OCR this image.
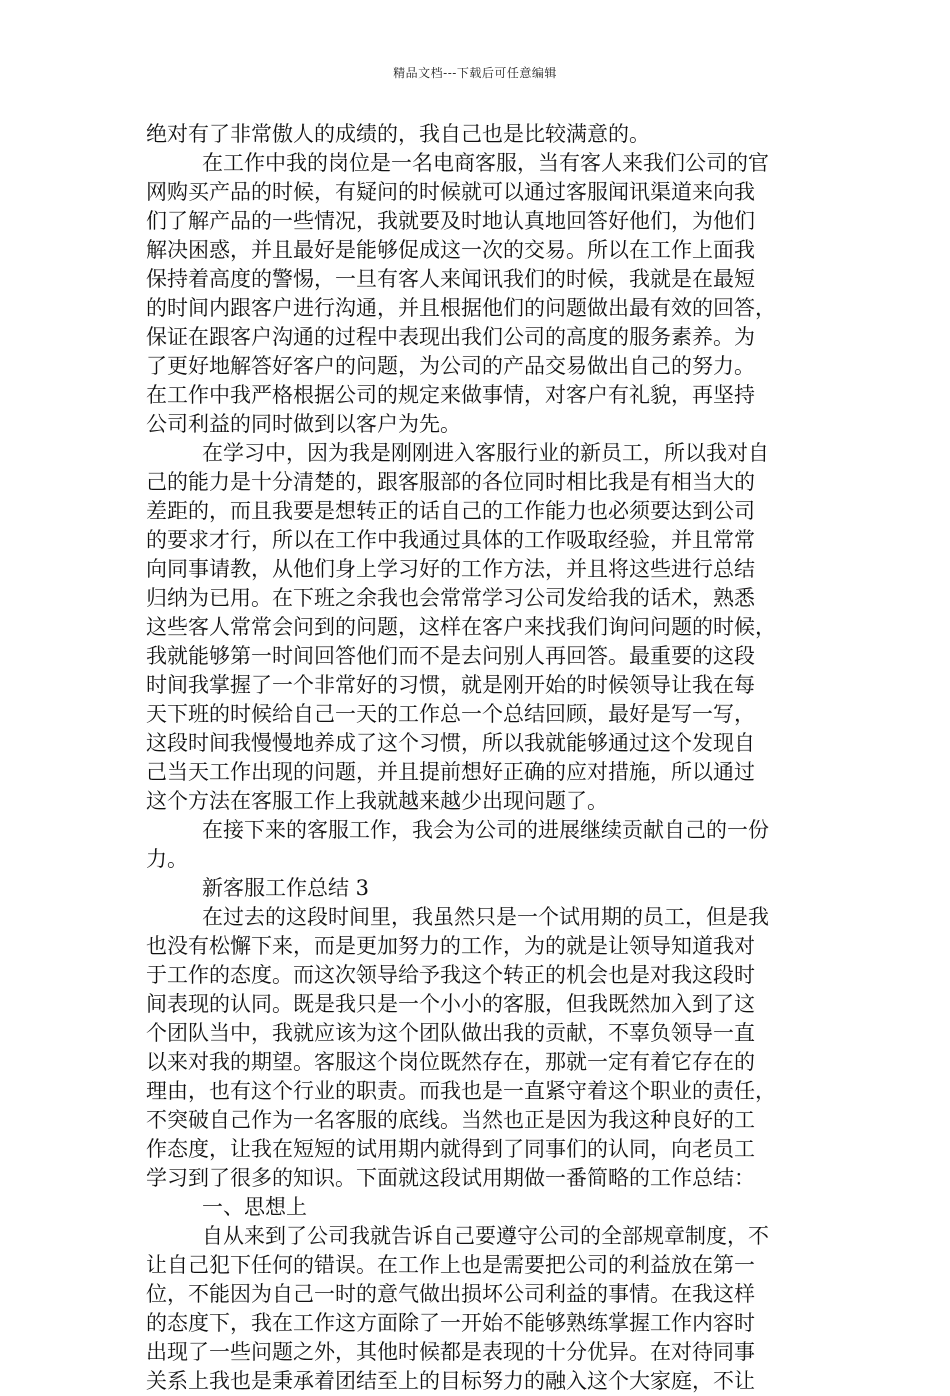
精品文档---下载后可任意编辑
绝对有了非常傲人的成绩的，我自己也是比较满意的。
在工作中我的岗位是一名电商客服，当有客人来我们公司的官
网购买产品的时候，有疑问的时候就可以通过客服闻讯渠道来向我
们了解产品的一些情况，我就要及时地认真地回答好他们，为他们
解决困惑，并且最好是能够促成这一次的交易。所以在工作上面我
保持着高度的警惕，一旦有客人来闻讯我们的时候，我就是在最短
的时间内跟客户进行沟通，并且根据他们的问题做出最有效的回答，
保证在跟客户沟通的过程中表现出我们公司的高度的服务素养。为
了更好地解答好客户的问题，为公司的产品交易做出自己的努力。
在工作中我严格根据公司的规定来做事情，对客户有礼貌，再坚持
公司利益的同时做到以客户为先。
在学习中，因为我是刚刚进入客服行业的新员工，所以我对自
己的能力是十分清楚的，跟客服部的各位同时相比我是有相当大的
差距的，而且我要是想转正的话自己的工作能力也必须要达到公司
的要求才行，所以在工作中我通过具体的工作吸取经验，并且常常
向同事请教，从他们身上学习好的工作方法，并且将这些进行总结
归纳为已用。在下班之余我也会常常学习公司发给我的话术，熟悉
这些客人常常会问到的问题，这样在客户来找我们询问问题的时候，
我就能够第一时间回答他们而不是去问别人再回答。最重要的这段
时间我掌握了一个非常好的习惯，就是刚开始的时候领导让我在每
天下班的时候给自己一天的工作总一个总结回顾，最好是写一写，
这段时间我慢慢地养成了这个习惯，所以我就能够通过这个发现自
己当天工作出现的问题，并且提前想好正确的应对措施，所以通过
这个方法在客服工作上我就越来越少出现问题了。
在接下来的客服工作，我会为公司的进展继续贡献自己的一份
力。
新客服工作总结 3
在过去的这段时间里，我虽然只是一个试用期的员工，但是我
也没有松懈下来，而是更加努力的工作，为的就是让领导知道我对
于工作的态度。而这次领导给予我这个转正的机会也是对我这段时
间表现的认同。既是我只是一个小小的客服，但我既然加入到了这
个团队当中，我就应该为这个团队做出我的贡献，不辜负领导一直
以来对我的期望。客服这个岗位既然存在，那就一定有着它存在的
理由，也有这个行业的职责。而我也是一直紧守着这个职业的责任，
不突破自己作为一名客服的底线。当然也正是因为我这种良好的工
作态度，让我在短短的试用期内就得到了同事们的认同，向老员工
学习到了很多的知识。下面就这段试用期做一番简略的工作总结：
一、思想上
自从来到了公司我就告诉自己要遵守公司的全部规章制度，不
让自己犯下任何的错误。在工作上也是需要把公司的利益放在第一
位，不能因为自己一时的意气做出损坏公司利益的事情。在我这样
的态度下，我在工作这方面除了一开始不能够熟练掌握工作内容时
出现了一些问题之外，其他时候都是表现的十分优异。在对待同事
关系上我也是秉承着团结至上的目标努力的融入这个大家庭，不让
